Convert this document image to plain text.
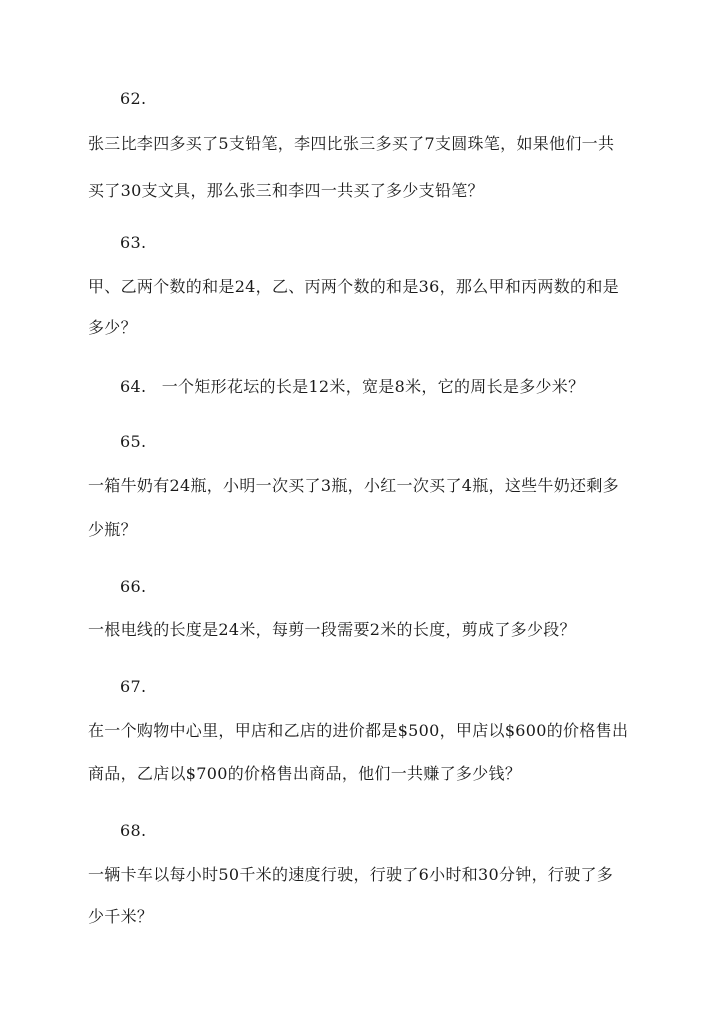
62.
张三比李四多买了5支铅笔，李四比张三多买了7支圆珠笔，如果他们一共
买了30支文具，那么张三和李四一共买了多少支铅笔？
63.
甲、乙两个数的和是24，乙、丙两个数的和是36，那么甲和丙两数的和是
多少？
64. 一个矩形花坛的长是12米，宽是8米，它的周长是多少米？
65.
一箱牛奶有24瓶，小明一次买了3瓶，小红一次买了4瓶，这些牛奶还剩多
少瓶？
66.
一根电线的长度是24米，每剪一段需要2米的长度，剪成了多少段？
67.
在一个购物中心里，甲店和乙店的进价都是$500，甲店以$600的价格售出
商品，乙店以$700的价格售出商品，他们一共赚了多少钱？
68.
一辆卡车以每小时50千米的速度行驶，行驶了6小时和30分钟，行驶了多
少千米？
